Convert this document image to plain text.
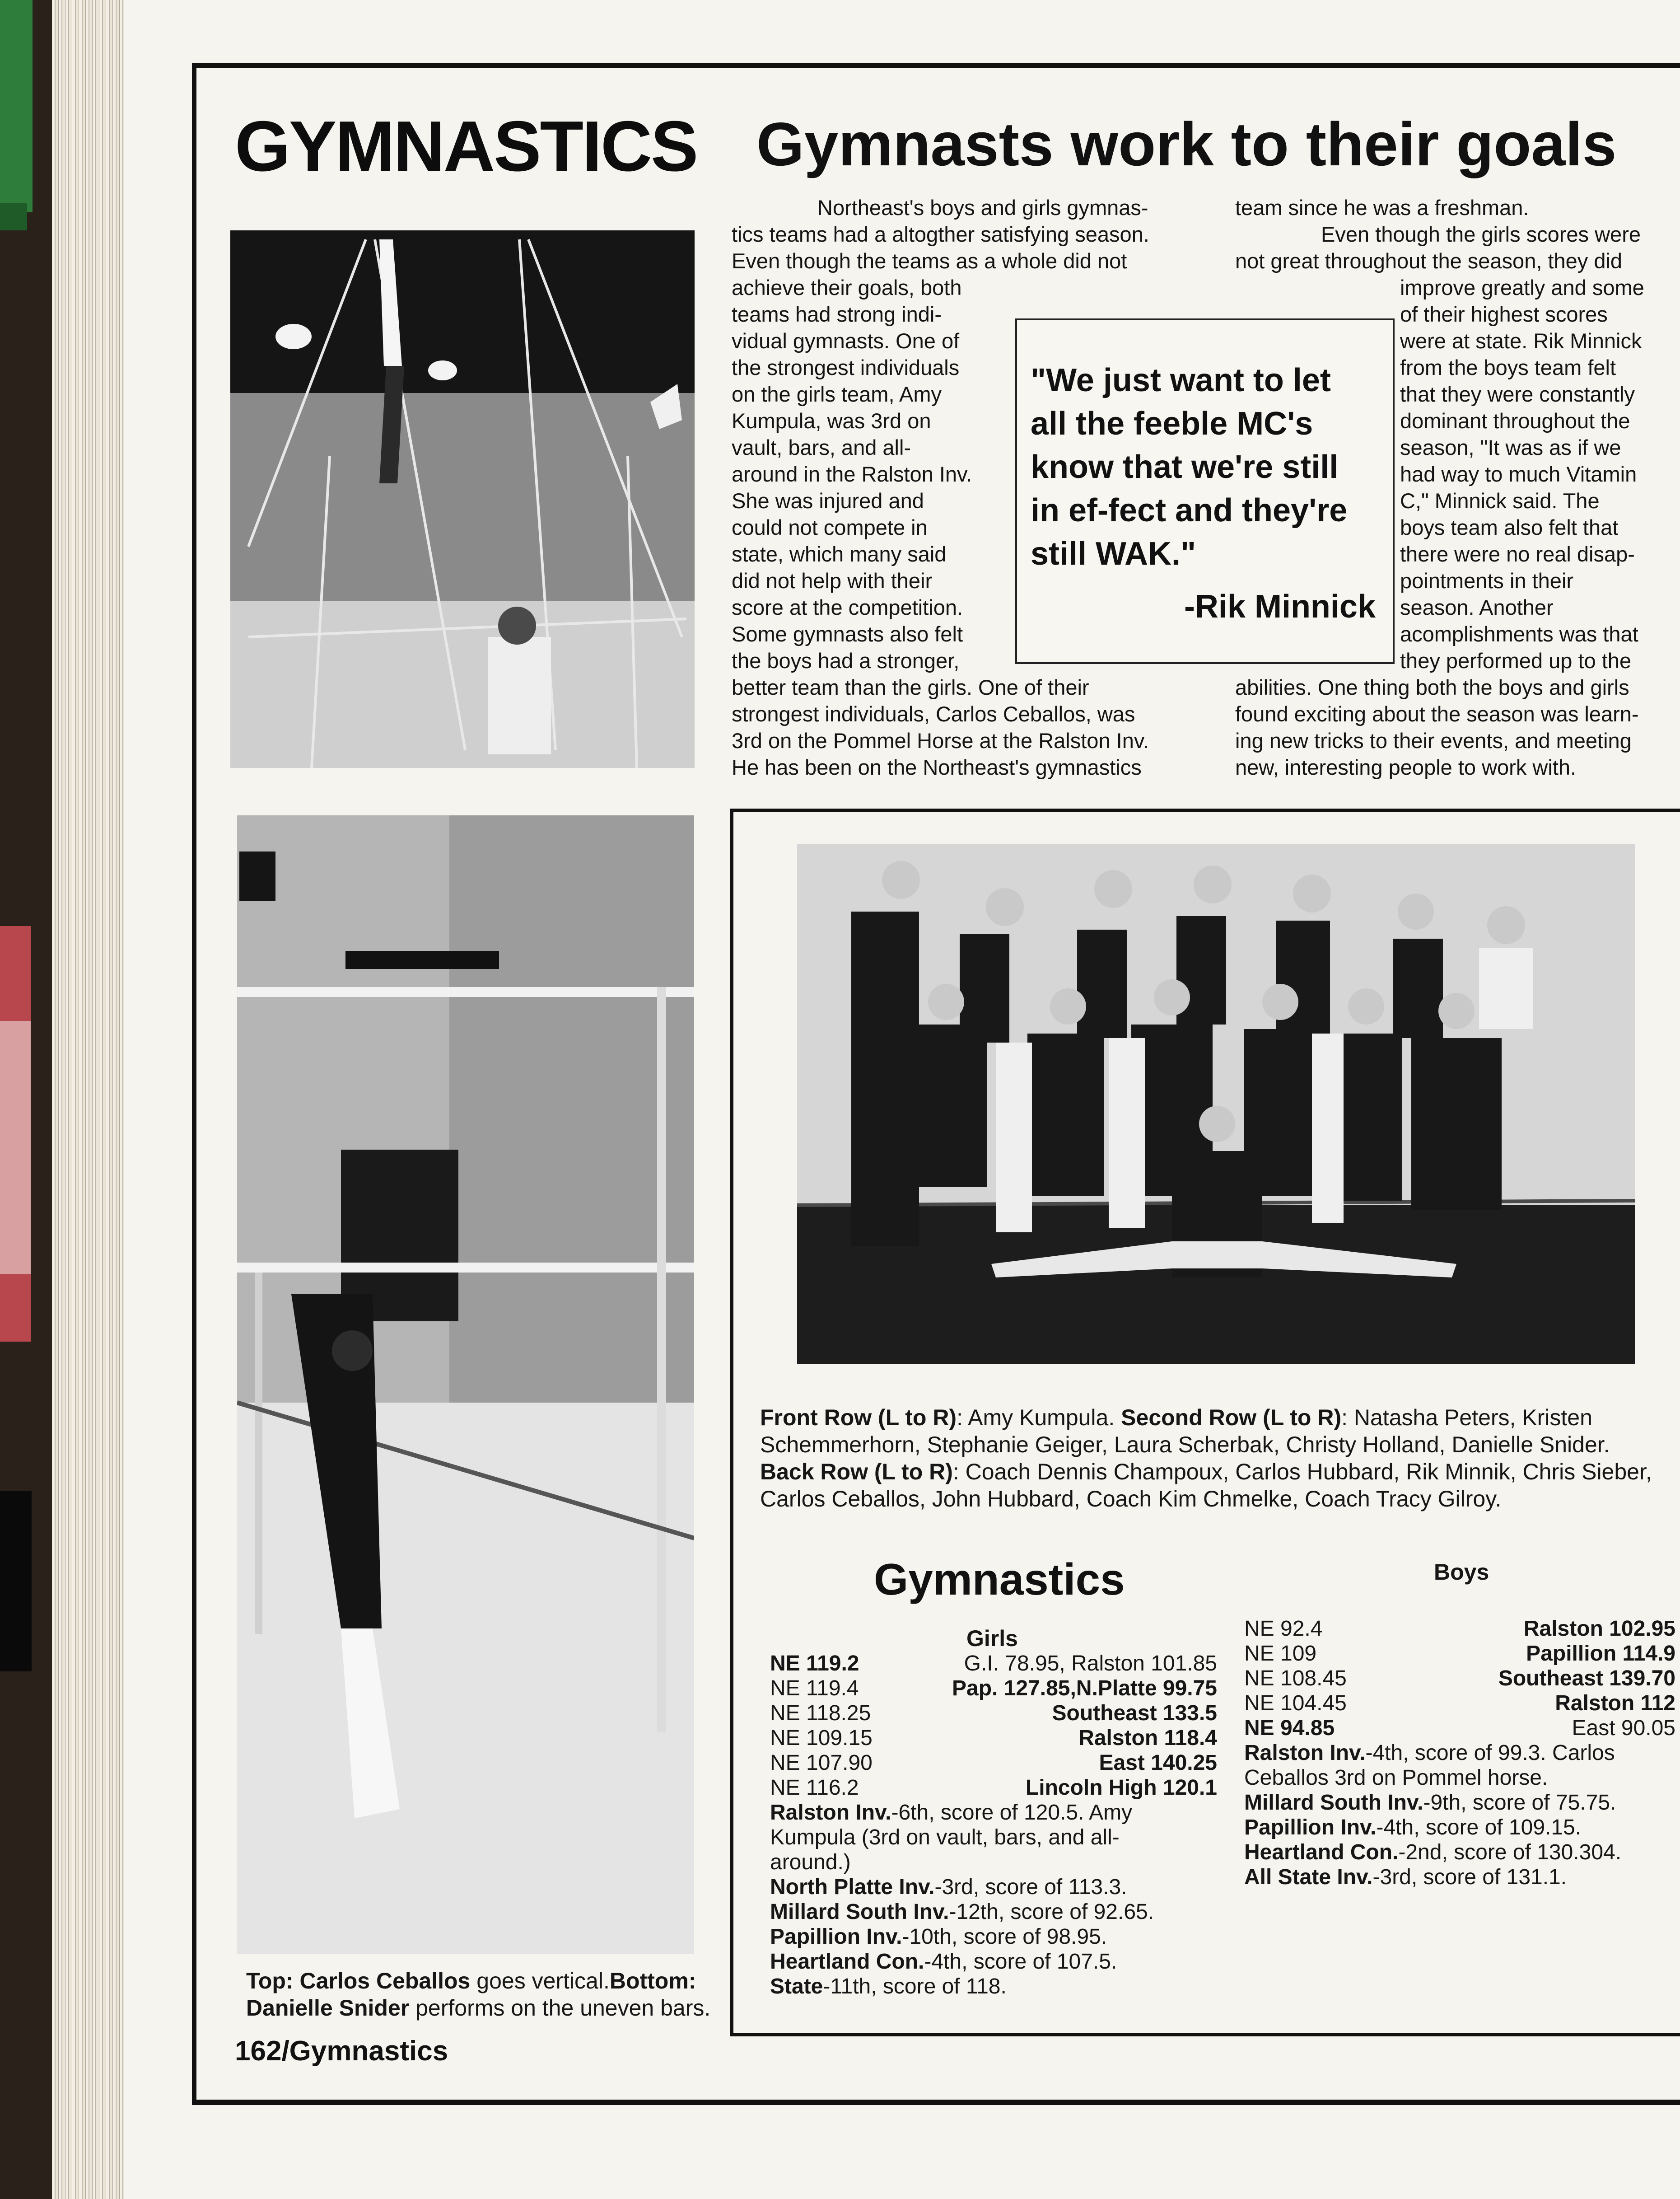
GYMNASTICS Gymnasts work to their goals
Northeast's boys and girls gymnas-
tics teams had a altogther satisfying season.
Even though the teams as a whole did not
achieve their goals, both
teams had strong indi-
vidual gymnasts. One of
the strongest individuals
on the girls team, Amy
Kumpula, was 3rd on
vault, bars, and all-
around in the Ralston Inv.
She was injured and
could not compete in
state, which many said
did not help with their
score at the competition.
Some gymnasts also felt
the boys had a stronger,
better team than the girls. One of their
strongest individuals, Carlos Ceballos, was
3rd on the Pommel Horse at the Ralston Inv.
He has been on the Northeast's gymnastics
team since he was a freshman.
Even though the girls scores were
not great throughout the season, they did
improve greatly and some
of their highest scores
were at state. Rik Minnick
from the boys team felt
that they were constantly
dominant throughout the
season, "It was as if we
had way to much Vitamin
C," Minnick said. The
boys team also felt that
there were no real disap-
pointments in their
season. Another
acomplishments was that
they performed up to the
abilities. One thing both the boys and girls
found exciting about the season was learn-
ing new tricks to their events, and meeting
new, interesting people to work with.
"We just want to let all the feeble MC's know that we're still in ef-fect and they're still WAK."
-Rik Minnick
Top: Carlos Ceballos goes vertical.Bottom:
Danielle Snider performs on the uneven bars.
162/Gymnastics
Front Row (L to R): Amy Kumpula. Second Row (L to R): Natasha Peters, Kristen
Schemmerhorn, Stephanie Geiger, Laura Scherbak, Christy Holland, Danielle Snider.
Back Row (L to R): Coach Dennis Champoux, Carlos Hubbard, Rik Minnik, Chris Sieber,
Carlos Ceballos, John Hubbard, Coach Kim Chmelke, Coach Tracy Gilroy.
Gymnastics
Girls
Boys
NE 119.2	G.I. 78.95, Ralston 101.85
NE 119.4	Pap. 127.85,N.Platte 99.75
NE 118.25	Southeast 133.5
NE 109.15	Ralston 118.4
NE 107.90	East 140.25
NE 116.2	Lincoln High 120.1
Ralston Inv.-6th, score of 120.5. Amy
Kumpula (3rd on vault, bars, and all-
around.)
North Platte Inv.-3rd, score of 113.3.
Millard South Inv.-12th, score of 92.65.
Papillion Inv.-10th, score of 98.95.
Heartland Con.-4th, score of 107.5.
State-11th, score of 118.
NE 92.4	Ralston 102.95
NE 109	Papillion 114.9
NE 108.45	Southeast 139.70
NE 104.45	Ralston 112
NE 94.85	East 90.05
Ralston Inv.-4th, score of 99.3. Carlos
Ceballos 3rd on Pommel horse.
Millard South Inv.-9th, score of 75.75.
Papillion Inv.-4th, score of 109.15.
Heartland Con.-2nd, score of 130.304.
All State Inv.-3rd, score of 131.1.
